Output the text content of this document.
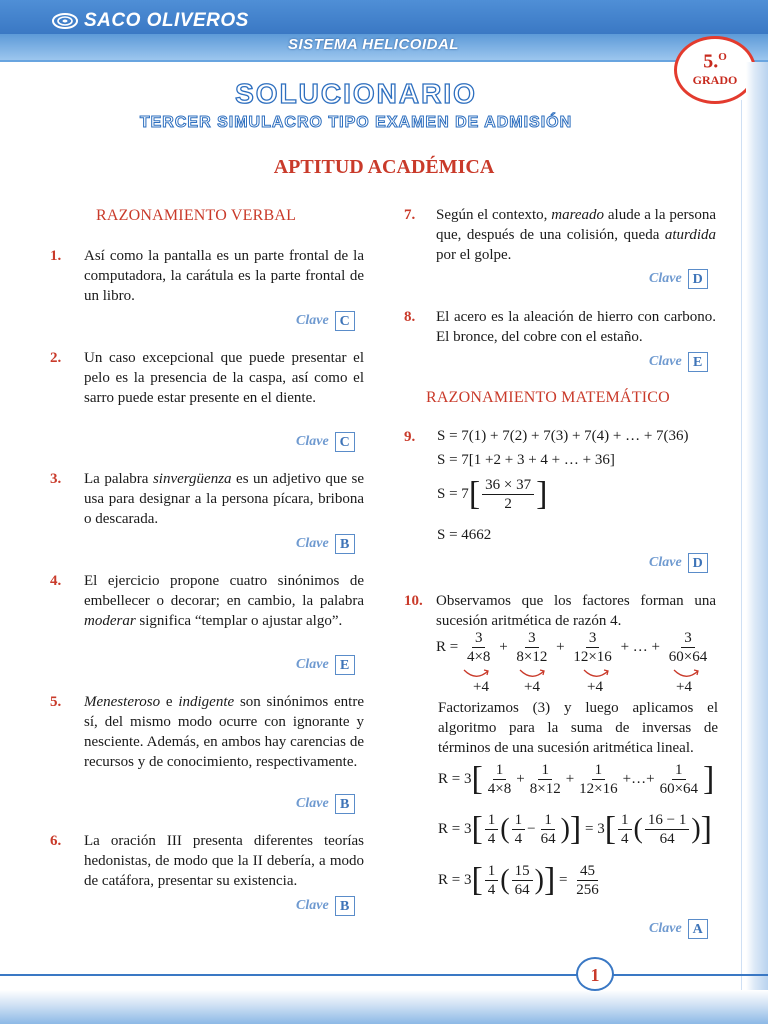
SACO OLIVEROS
SISTEMA HELICOIDAL
5.$^O$
GRADO
SOLUCIONARIO
TERCER SIMULACRO TIPO EXAMEN DE ADMISIÓN
APTITUD ACADÉMICA
RAZONAMIENTO VERBAL
1. Así como la pantalla es un parte frontal de la computadora, la carátula es la parte frontal de un libro.
Clave C
2. Un caso excepcional que puede presentar el pelo es la presencia de la caspa, así como el sarro puede estar presente en el diente.
Clave C
3. La palabra sinvergüenza es un adjetivo que se usa para designar a la persona pícara, bribona o descarada.
Clave B
4. El ejercicio propone cuatro sinónimos de embellecer o decorar; en cambio, la palabra moderar significa “templar o ajustar algo”.
Clave E
5. Menesteroso e indigente son sinónimos entre sí, del mismo modo ocurre con ignorante y nesciente. Además, en ambos hay carencias de recursos y de conocimiento, respectivamente.
Clave B
6. La oración III presenta diferentes teorías hedonistas, de modo que la II debería, a modo de catáfora, presentar su existencia.
Clave B
7. Según el contexto, mareado alude a la persona que, después de una colisión, queda aturdida por el golpe.
Clave D
8. El acero es la aleación de hierro con carbono. El bronce, del cobre con el estaño.
Clave E
RAZONAMIENTO MATEMÁTICO
9. S = 7(1) + 7(2) + 7(3) + 7(4) + … + 7(36)
S = 7[1 +2 + 3 + 4 + … + 36]
$S = 7[ \frac{36 \times 37}{2}$ ]
S = 4662
Clave D
10. Observamos que los factores forman una sucesión aritmética de razón 4.
$R = \frac{3}{4\times 8} + \frac{3}{8\times 12} + \frac{3}{12\times 16}$ + … + $\frac{3}{60\times 64}$
+4 +4	+4	+4
Factorizamos (3) y luego aplicamos el algoritmo para la suma de inversas de términos de una sucesión aritmética lineal.
$R = 3[ \frac{1}{4\times 8} + \frac{1}{8\times 12} + \frac{1}{12\times 16}$ +…+ $\frac{1}{60\times 64}$ ]
$R = 3[ \frac{1}{4}$ ( $\frac{1}{4} - \frac{1}{64}$ )] = $3[ \frac{1}{4}$ ( $\frac{16 - 1}{64}$ )]
$R = 3[ \frac{1}{4}$ ( $\frac{15}{64}$ )] = $\frac{45}{256}$
Clave A
1
